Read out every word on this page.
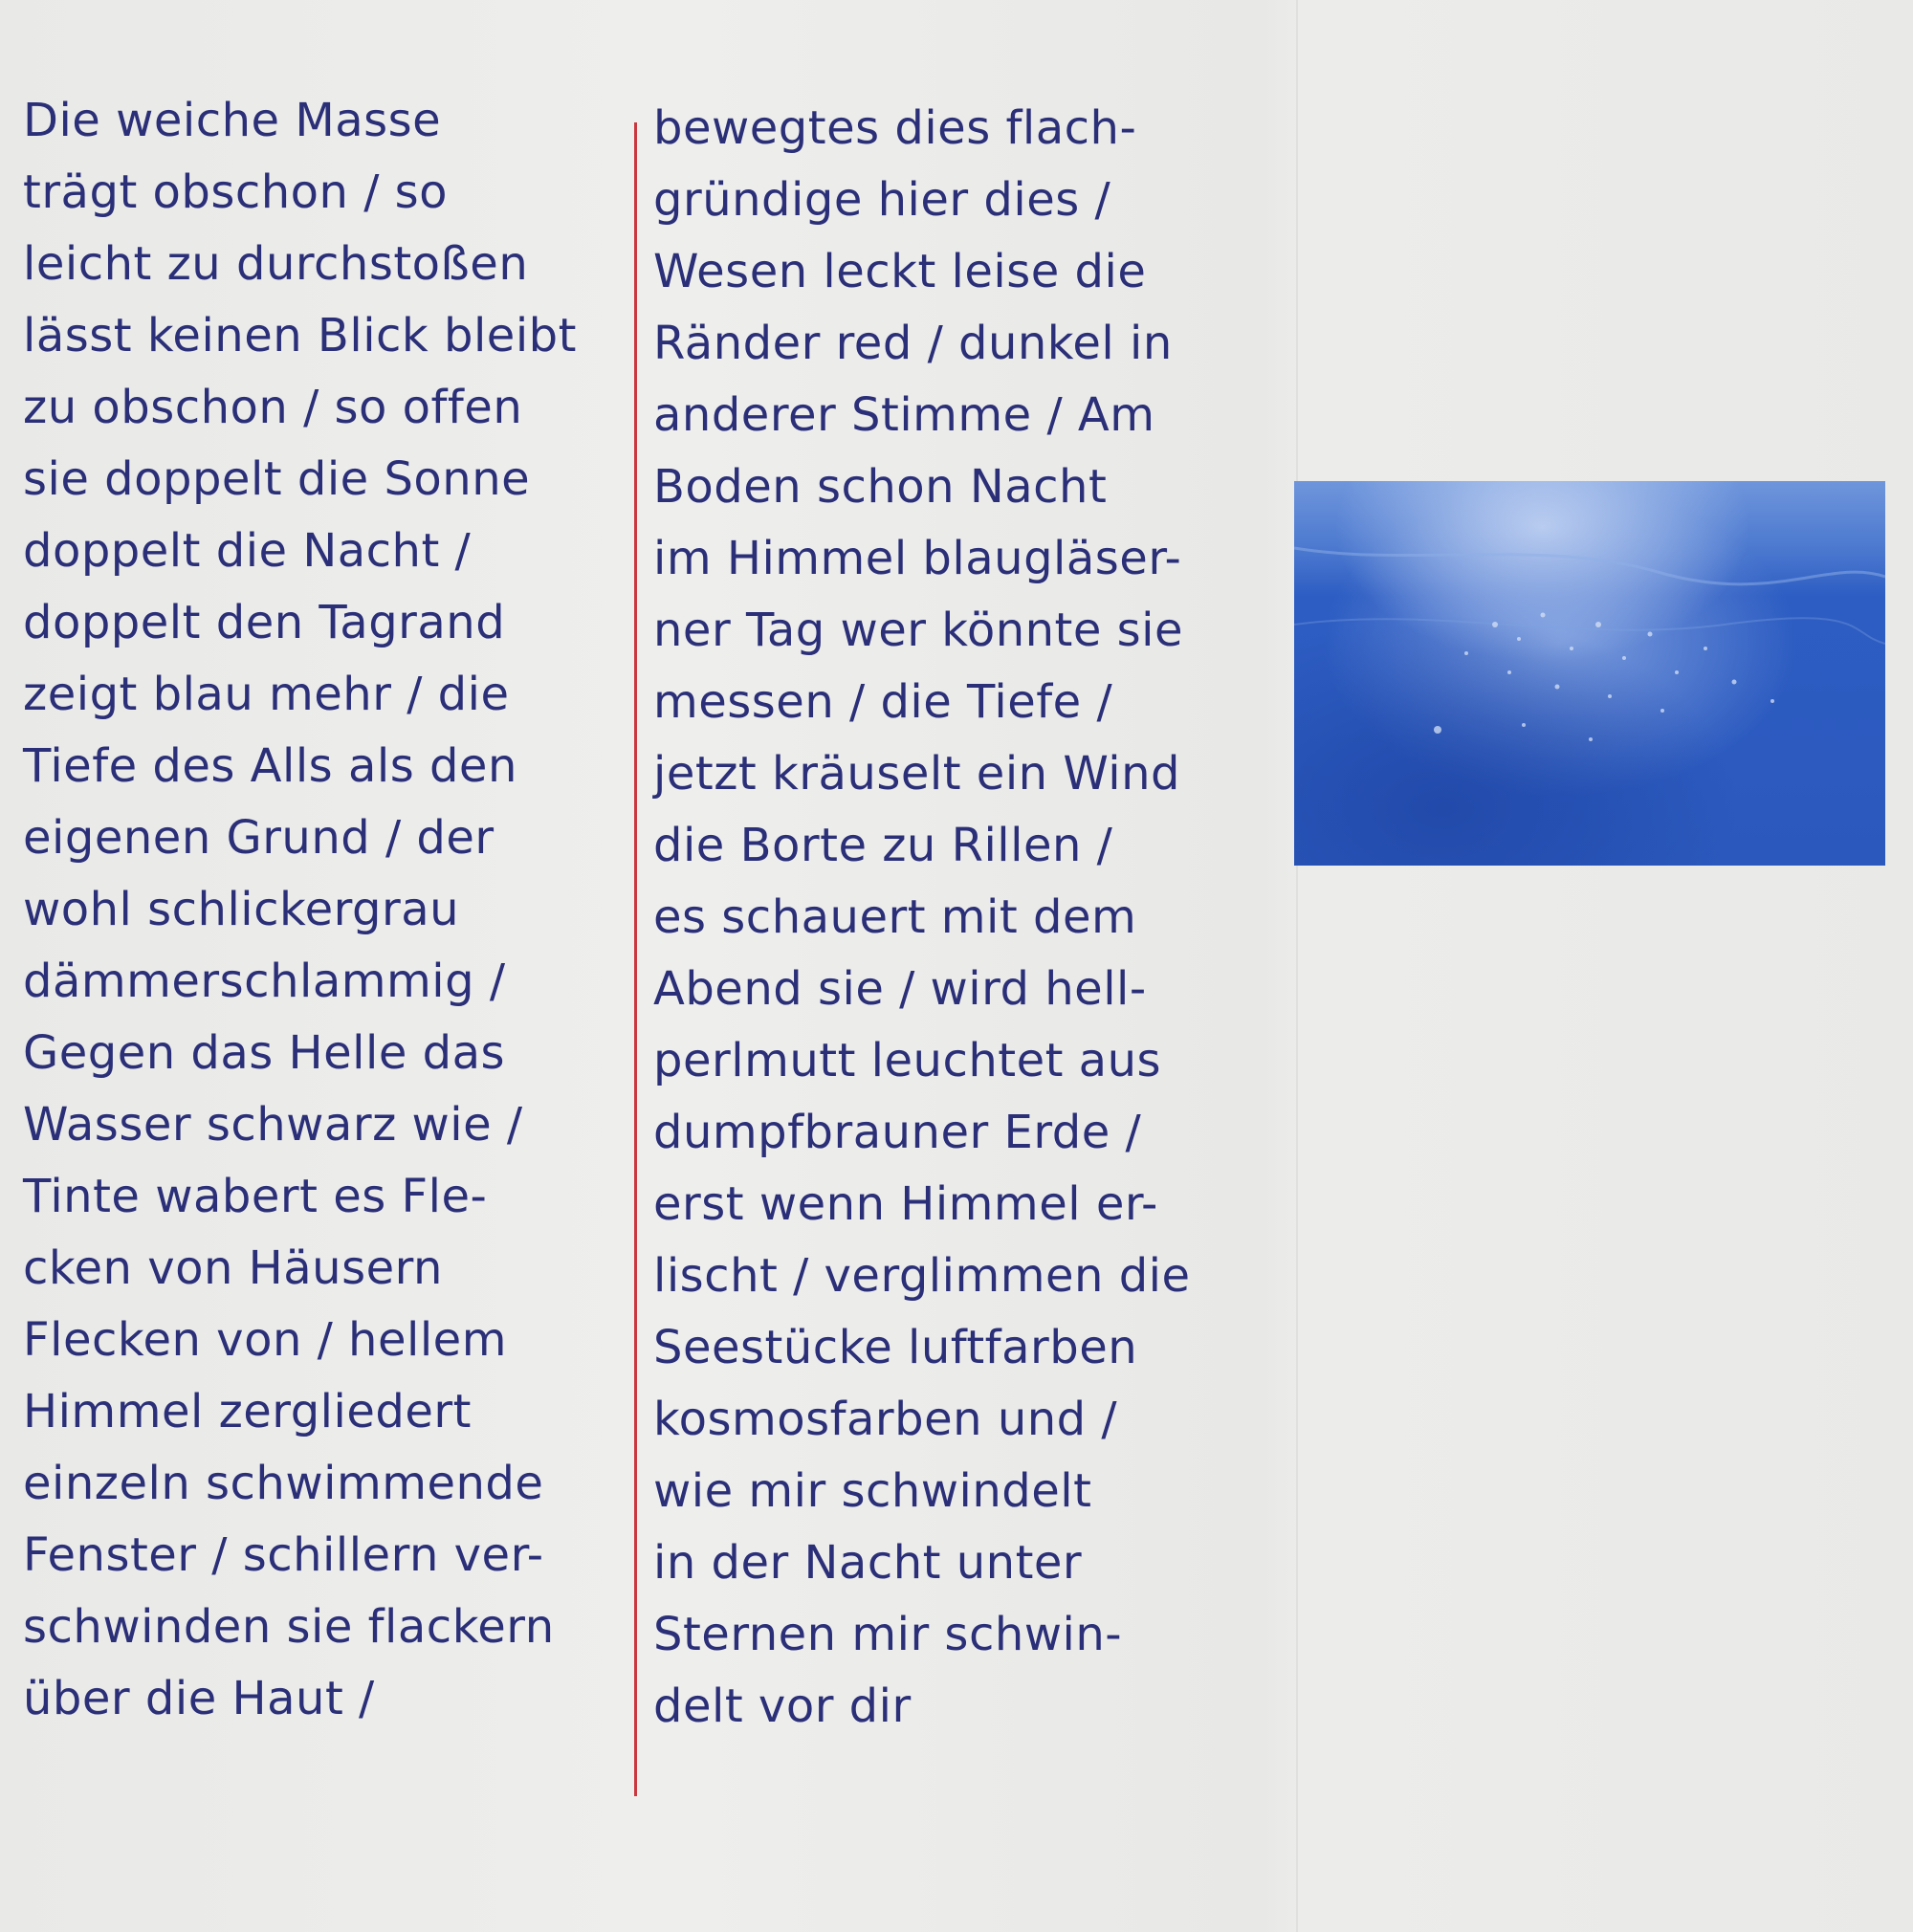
Die weiche Masse
trägt obschon / so
leicht zu durchstoßen
lässt keinen Blick bleibt
zu obschon / so offen
sie doppelt die Sonne
doppelt die Nacht /
doppelt den Tagrand
zeigt blau mehr / die
Tiefe des Alls als den
eigenen Grund / der
wohl schlickergrau
dämmerschlammig /
Gegen das Helle das
Wasser schwarz wie /
Tinte wabert es Fle-
cken von Häusern
Flecken von / hellem
Himmel zergliedert
einzeln schwimmende
Fenster / schillern ver-
schwinden sie flackern
über die Haut /
bewegtes dies flach-
gründige hier dies /
Wesen leckt leise die
Ränder red / dunkel in
anderer Stimme / Am
Boden schon Nacht
im Himmel blaugläser-
ner Tag wer könnte sie
messen / die Tiefe /
jetzt kräuselt ein Wind
die Borte zu Rillen /
es schauert mit dem
Abend sie / wird hell-
perlmutt leuchtet aus
dumpfbrauner Erde /
erst wenn Himmel er-
lischt / verglimmen die
Seestücke luftfarben
kosmosfarben und /
wie mir schwindelt
in der Nacht unter
Sternen mir schwin-
delt vor dir
